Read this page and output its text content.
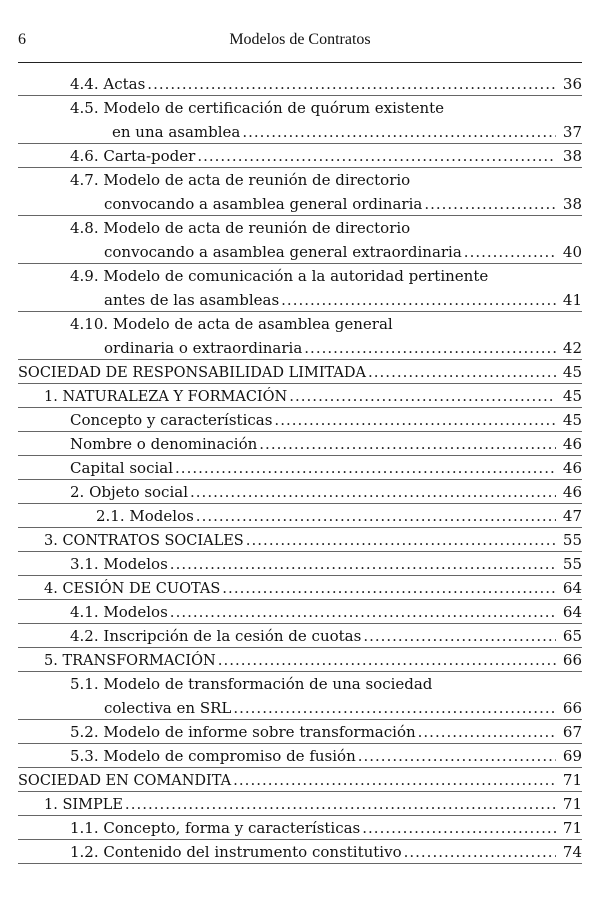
6	Modelos de Contratos
4.4. Actas .....	36
4.5. Modelo de certificación de quórum existente
en una asamblea .....	37
4.6. Carta-poder .....	38
4.7. Modelo de acta de reunión de directorio
convocando a asamblea general ordinaria .....	38
4.8. Modelo de acta de reunión de directorio
convocando a asamblea general extraordinaria .....	40
4.9. Modelo de comunicación a la autoridad pertinente
antes de las asambleas .....	41
4.10. Modelo de acta de asamblea general
ordinaria o extraordinaria .....	42
SOCIEDAD DE RESPONSABILIDAD LIMITADA .....	45
1. NATURALEZA Y FORMACIÓN .....	45
Concepto y características .....	45
Nombre o denominación .....	46
Capital social .....	46
2. Objeto social .....	46
2.1. Modelos .....	47
3. CONTRATOS SOCIALES .....	55
3.1. Modelos .....	55
4. CESIÓN DE CUOTAS .....	64
4.1. Modelos .....	64
4.2. Inscripción de la cesión de cuotas .....	65
5. TRANSFORMACIÓN .....	66
5.1. Modelo de transformación de una sociedad
colectiva en SRL .....	66
5.2. Modelo de informe sobre transformación .....	67
5.3. Modelo de compromiso de fusión .....	69
SOCIEDAD EN COMANDITA .....	71
1. SIMPLE .....	71
1.1. Concepto, forma y características .....	71
1.2. Contenido del instrumento constitutivo .....	74
